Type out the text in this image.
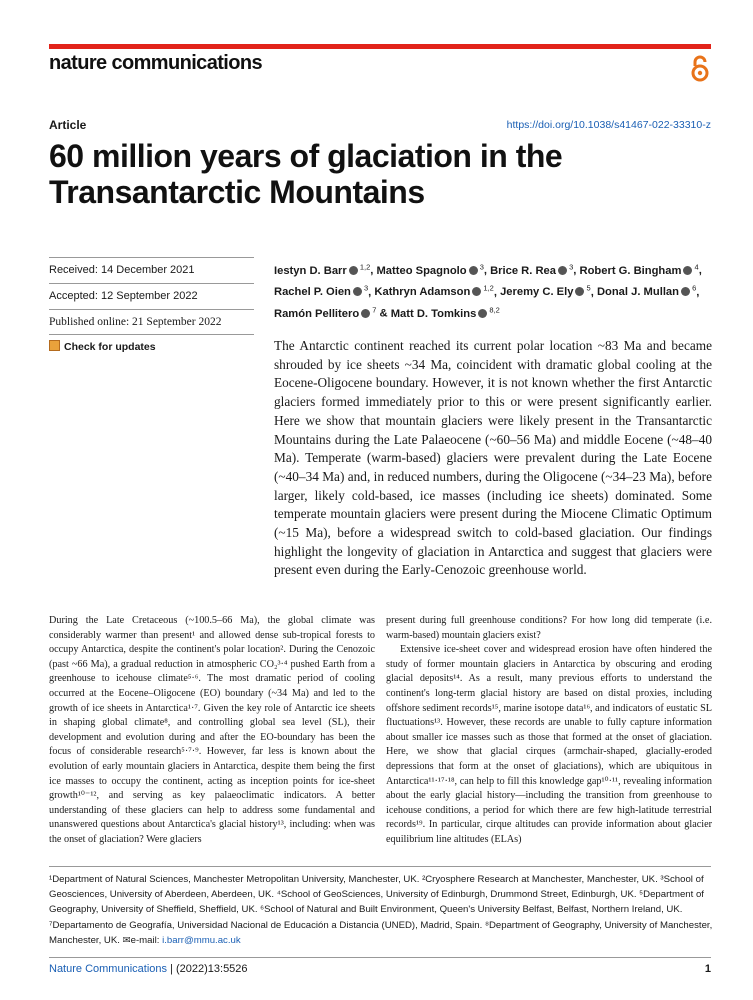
nature communications
Article	https://doi.org/10.1038/s41467-022-33310-z
60 million years of glaciation in the Transantarctic Mountains
Received: 14 December 2021
Accepted: 12 September 2022
Published online: 21 September 2022
Check for updates
Iestyn D. Barr $^{1,2}$, Matteo Spagnolo $^3$, Brice R. Rea $^3$, Robert G. Bingham $^4$, Rachel P. Oien $^3$, Kathryn Adamson $^{1,2}$, Jeremy C. Ely $^5$, Donal J. Mullan $^6$, Ramón Pellitero $^7$ & Matt D. Tomkins $^{8,2}$
The Antarctic continent reached its current polar location ~83 Ma and became shrouded by ice sheets ~34 Ma, coincident with dramatic global cooling at the Eocene-Oligocene boundary. However, it is not known whether the first Antarctic glaciers formed immediately prior to this or were present significantly earlier. Here we show that mountain glaciers were likely present in the Transantarctic Mountains during the Late Palaeocene (~60–56 Ma) and middle Eocene (~48–40 Ma). Temperate (warm-based) glaciers were prevalent during the Late Eocene (~40–34 Ma) and, in reduced numbers, during the Oligocene (~34–23 Ma), before larger, likely cold-based, ice masses (including ice sheets) dominated. Some temperate mountain glaciers were present during the Miocene Climatic Optimum (~15 Ma), before a widespread switch to cold-based glaciation. Our findings highlight the longevity of glaciation in Antarctica and suggest that glaciers were present even during the Early-Cenozoic greenhouse world.

During the Late Cretaceous (~100.5–66 Ma), the global climate was considerably warmer than present¹ and allowed dense sub-tropical forests to occupy Antarctica, despite the continent's polar location². During the Cenozoic (past ~66 Ma), a gradual reduction in atmospheric CO₂³·⁴ pushed Earth from a greenhouse to icehouse climate⁵·⁶. The most dramatic period of cooling occurred at the Eocene–Oligocene (EO) boundary (~34 Ma) and led to the growth of ice sheets in Antarctica¹·⁷. Given the key role of Antarctic ice sheets in shaping global climate⁸, and controlling global sea level (SL), their development and evolution during and after the EO-boundary has been the focus of considerable research⁵·⁷·⁹. However, far less is known about the evolution of early mountain glaciers in Antarctica, despite them being the first ice masses to occupy the continent, acting as inception points for ice-sheet growth¹⁰⁻¹², and serving as key palaeoclimatic indicators. A better understanding of these glaciers can help to address some fundamental and unanswered questions about Antarctica's glacial history¹³, including: when was the onset of glaciation? Were glaciers

present during full greenhouse conditions? For how long did temperate (i.e. warm-based) mountain glaciers exist?

Extensive ice-sheet cover and widespread erosion have often hindered the study of former mountain glaciers in Antarctica by obscuring and eroding glacial deposits¹⁴. As a result, many previous efforts to understand the continent's long-term glacial history are based on distal proxies, including offshore sediment records¹⁵, marine isotope data¹⁶, and indicators of eustatic SL fluctuations¹³. However, these records are unable to fully capture information about smaller ice masses such as those that formed at the onset of glaciation. Here, we show that glacial cirques (armchair-shaped, glacially-eroded depressions that form at the onset of glaciations), which are ubiquitous in Antarctica¹¹·¹⁷·¹⁸, can help to fill this knowledge gap¹⁰·¹¹, revealing information about the early glacial history—including the transition from greenhouse to icehouse conditions, a period for which there are few high-latitude terrestrial records¹⁹. In particular, cirque altitudes can provide information about glacier equilibrium line altitudes (ELAs)

¹Department of Natural Sciences, Manchester Metropolitan University, Manchester, UK. ²Cryosphere Research at Manchester, Manchester, UK. ³School of Geosciences, University of Aberdeen, Aberdeen, UK. ⁴School of GeoSciences, University of Edinburgh, Drummond Street, Edinburgh, UK. ⁵Department of Geography, University of Sheffield, Sheffield, UK. ⁶School of Natural and Built Environment, Queen's University Belfast, Belfast, Northern Ireland, UK. ⁷Departamento de Geografía, Universidad Nacional de Educación a Distancia (UNED), Madrid, Spain. ⁸Department of Geography, University of Manchester, Manchester, UK. ✉e-mail: i.barr@mmu.ac.uk
Nature Communications | (2022)13:5526	1
